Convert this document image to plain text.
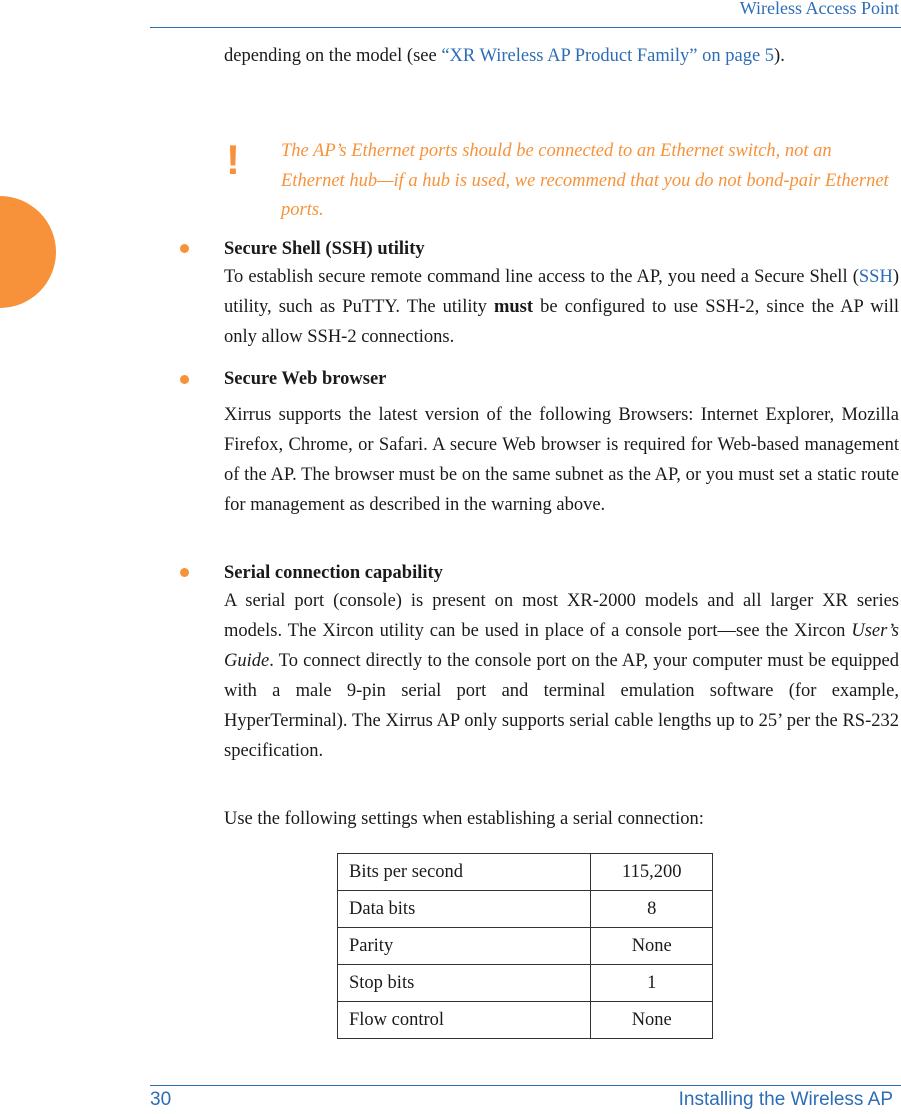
Wireless Access Point
depending on the model (see “XR Wireless AP Product Family” on page 5).
! The AP’s Ethernet ports should be connected to an Ethernet switch, not an Ethernet hub—if a hub is used, we recommend that you do not bond-pair Ethernet ports.
Secure Shell (SSH) utility
To establish secure remote command line access to the AP, you need a Secure Shell (SSH) utility, such as PuTTY. The utility must be configured to use SSH-2, since the AP will only allow SSH-2 connections.
Secure Web browser
Xirrus supports the latest version of the following Browsers: Internet Explorer, Mozilla Firefox, Chrome, or Safari. A secure Web browser is required for Web-based management of the AP. The browser must be on the same subnet as the AP, or you must set a static route for management as described in the warning above.
Serial connection capability
A serial port (console) is present on most XR-2000 models and all larger XR series models. The Xircon utility can be used in place of a console port—see the Xircon User’s Guide. To connect directly to the console port on the AP, your computer must be equipped with a male 9-pin serial port and terminal emulation software (for example, HyperTerminal). The Xirrus AP only supports serial cable lengths up to 25’ per the RS-232 specification.
Use the following settings when establishing a serial connection:
Bits per second	115,200
Data bits	8
Parity	None
Stop bits	1
Flow control	None
30	Installing the Wireless AP
